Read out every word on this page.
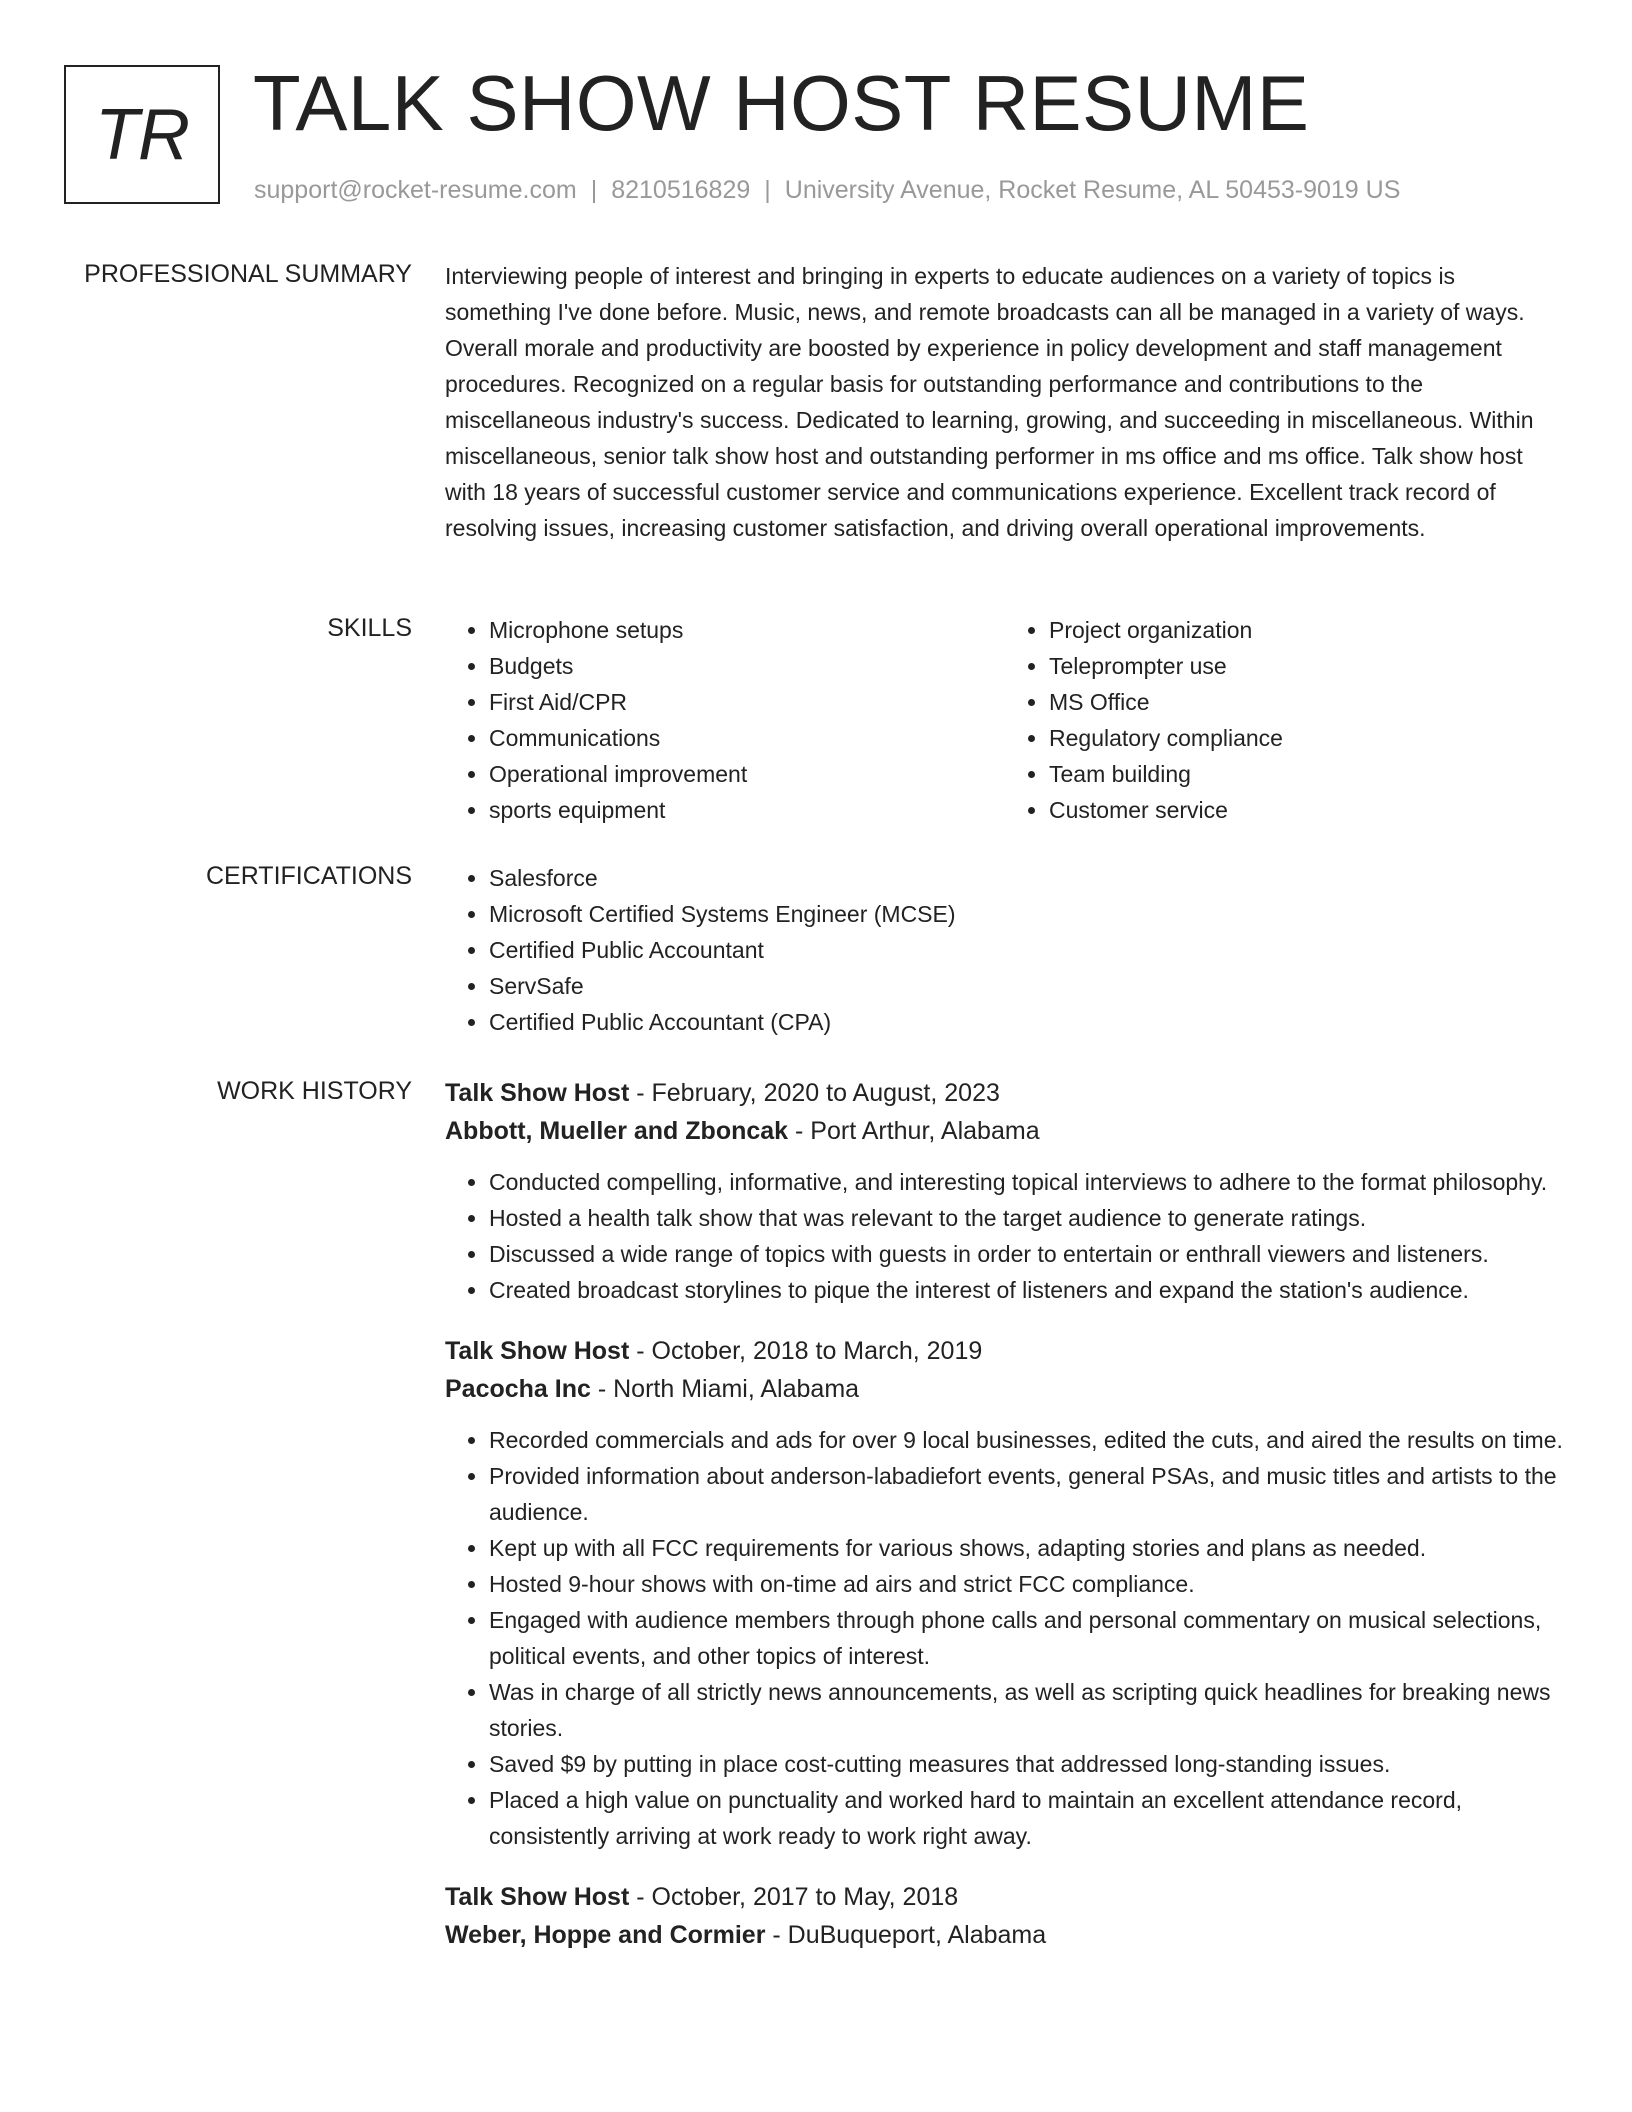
TR TALK SHOW HOST RESUME
support@rocket-resume.com | 8210516829 | University Avenue, Rocket Resume, AL 50453-9019 US
PROFESSIONAL SUMMARY Interviewing people of interest and bringing in experts to educate audiences on a variety of topics is something I've done before. Music, news, and remote broadcasts can all be managed in a variety of ways. Overall morale and productivity are boosted by experience in policy development and staff management procedures. Recognized on a regular basis for outstanding performance and contributions to the miscellaneous industry's success. Dedicated to learning, growing, and succeeding in miscellaneous. Within miscellaneous, senior talk show host and outstanding performer in ms office and ms office. Talk show host with 18 years of successful customer service and communications experience. Excellent track record of resolving issues, increasing customer satisfaction, and driving overall operational improvements.

SKILLS	• Microphone setups
• Budgets
• First Aid/CPR
• Communications
• Operational improvement
• sports equipment
• Project organization
• Teleprompter use
• MS Office
• Regulatory compliance
• Team building
• Customer service
CERTIFICATIONS	• Salesforce
• Microsoft Certified Systems Engineer (MCSE)
• Certified Public Accountant
• ServSafe
• Certified Public Accountant (CPA)
WORK HISTORY Talk Show Host - February, 2020 to August, 2023
Abbott, Mueller and Zboncak - Port Arthur, Alabama
• Conducted compelling, informative, and interesting topical interviews to adhere to the format philosophy.
• Hosted a health talk show that was relevant to the target audience to generate ratings.
• Discussed a wide range of topics with guests in order to entertain or enthrall viewers and listeners.
• Created broadcast storylines to pique the interest of listeners and expand the station's audience.
Talk Show Host - October, 2018 to March, 2019
Pacocha Inc - North Miami, Alabama
• Recorded commercials and ads for over 9 local businesses, edited the cuts, and aired the results on time.
• Provided information about anderson-labadiefort events, general PSAs, and music titles and artists to the audience.
• Kept up with all FCC requirements for various shows, adapting stories and plans as needed.
• Hosted 9-hour shows with on-time ad airs and strict FCC compliance.
• Engaged with audience members through phone calls and personal commentary on musical selections, political events, and other topics of interest.
• Was in charge of all strictly news announcements, as well as scripting quick headlines for breaking news stories.
• Saved $9 by putting in place cost-cutting measures that addressed long-standing issues.
• Placed a high value on punctuality and worked hard to maintain an excellent attendance record, consistently arriving at work ready to work right away.
Talk Show Host - October, 2017 to May, 2018
Weber, Hoppe and Cormier - DuBuqueport, Alabama
